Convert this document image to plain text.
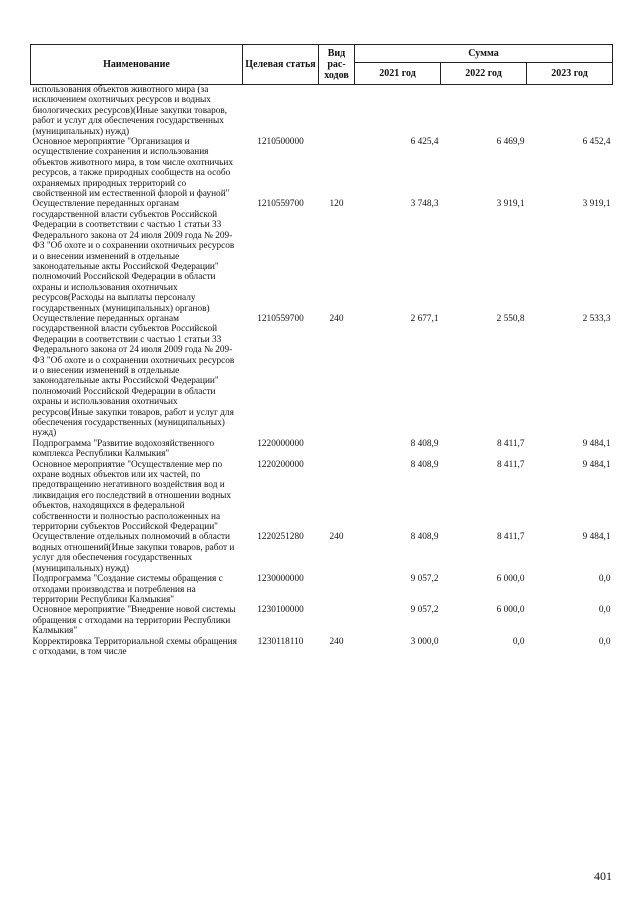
Наименование	Целевая статья	Вид рас- ходов	Сумма		
			2021 год	2022 год	2023 год
использования объектов животного мира (за исключением охотничьих ресурсов и водных биологических ресурсов)(Иные закупки товаров, работ и услуг для обеспечения государственных (муниципальных) нужд)					
Основное мероприятие "Организация и осуществление сохранения и использования объектов животного мира, в том числе охотничьих ресурсов, а также природных сообществ на особо охраняемых природных территорий со свойственной им естественной флорой и фауной"	1210500000		6 425,4	6 469,9	6 452,4
Осуществление переданных органам государственной власти субъектов Российской Федерации в соответствии с частью 1 статьи 33 Федерального закона от 24 июля 2009 года № 209-ФЗ "Об охоте и о сохранении охотничьих ресурсов и о внесении изменений в отдельные законодательные акты Российской Федерации" полномочий Российской Федерации в области охраны и использования охотничьих ресурсов(Расходы на выплаты персоналу государственных (муниципальных) органов)	1210559700	120	3 748,3	3 919,1	3 919,1
Осуществление переданных органам государственной власти субъектов Российской Федерации в соответствии с частью 1 статьи 33 Федерального закона от 24 июля 2009 года № 209-ФЗ "Об охоте и о сохранении охотничьих ресурсов и о внесении изменений в отдельные законодательные акты Российской Федерации" полномочий Российской Федерации в области охраны и использования охотничьих ресурсов(Иные закупки товаров, работ и услуг для обеспечения государственных (муниципальных) нужд)	1210559700	240	2 677,1	2 550,8	2 533,3
Подпрограмма "Развитие водохозяйственного комплекса Республики Калмыкия"	1220000000		8 408,9	8 411,7	9 484,1
Основное мероприятие "Осуществление мер по охране водных объектов или их частей, по предотвращению негативного воздействия вод и ликвидация его последствий в отношении водных объектов, находящихся в федеральной собственности и полностью расположенных на территории субъектов Российской Федерации"	1220200000		8 408,9	8 411,7	9 484,1
Осуществление отдельных полномочий в области водных отношений(Иные закупки товаров, работ и услуг для обеспечения государственных (муниципальных) нужд)	1220251280	240	8 408,9	8 411,7	9 484,1
Подпрограмма "Создание системы обращения с отходами производства и потребления на территории Республики Калмыкия"	1230000000		9 057,2	6 000,0	0,0
Основное мероприятие "Внедрение новой системы обращения с отходами на территории Республики Калмыкия"	1230100000		9 057,2	6 000,0	0,0
Корректировка Территориальной схемы обращения с отходами, в том числе	1230118110	240	3 000,0	0,0	0,0
401
